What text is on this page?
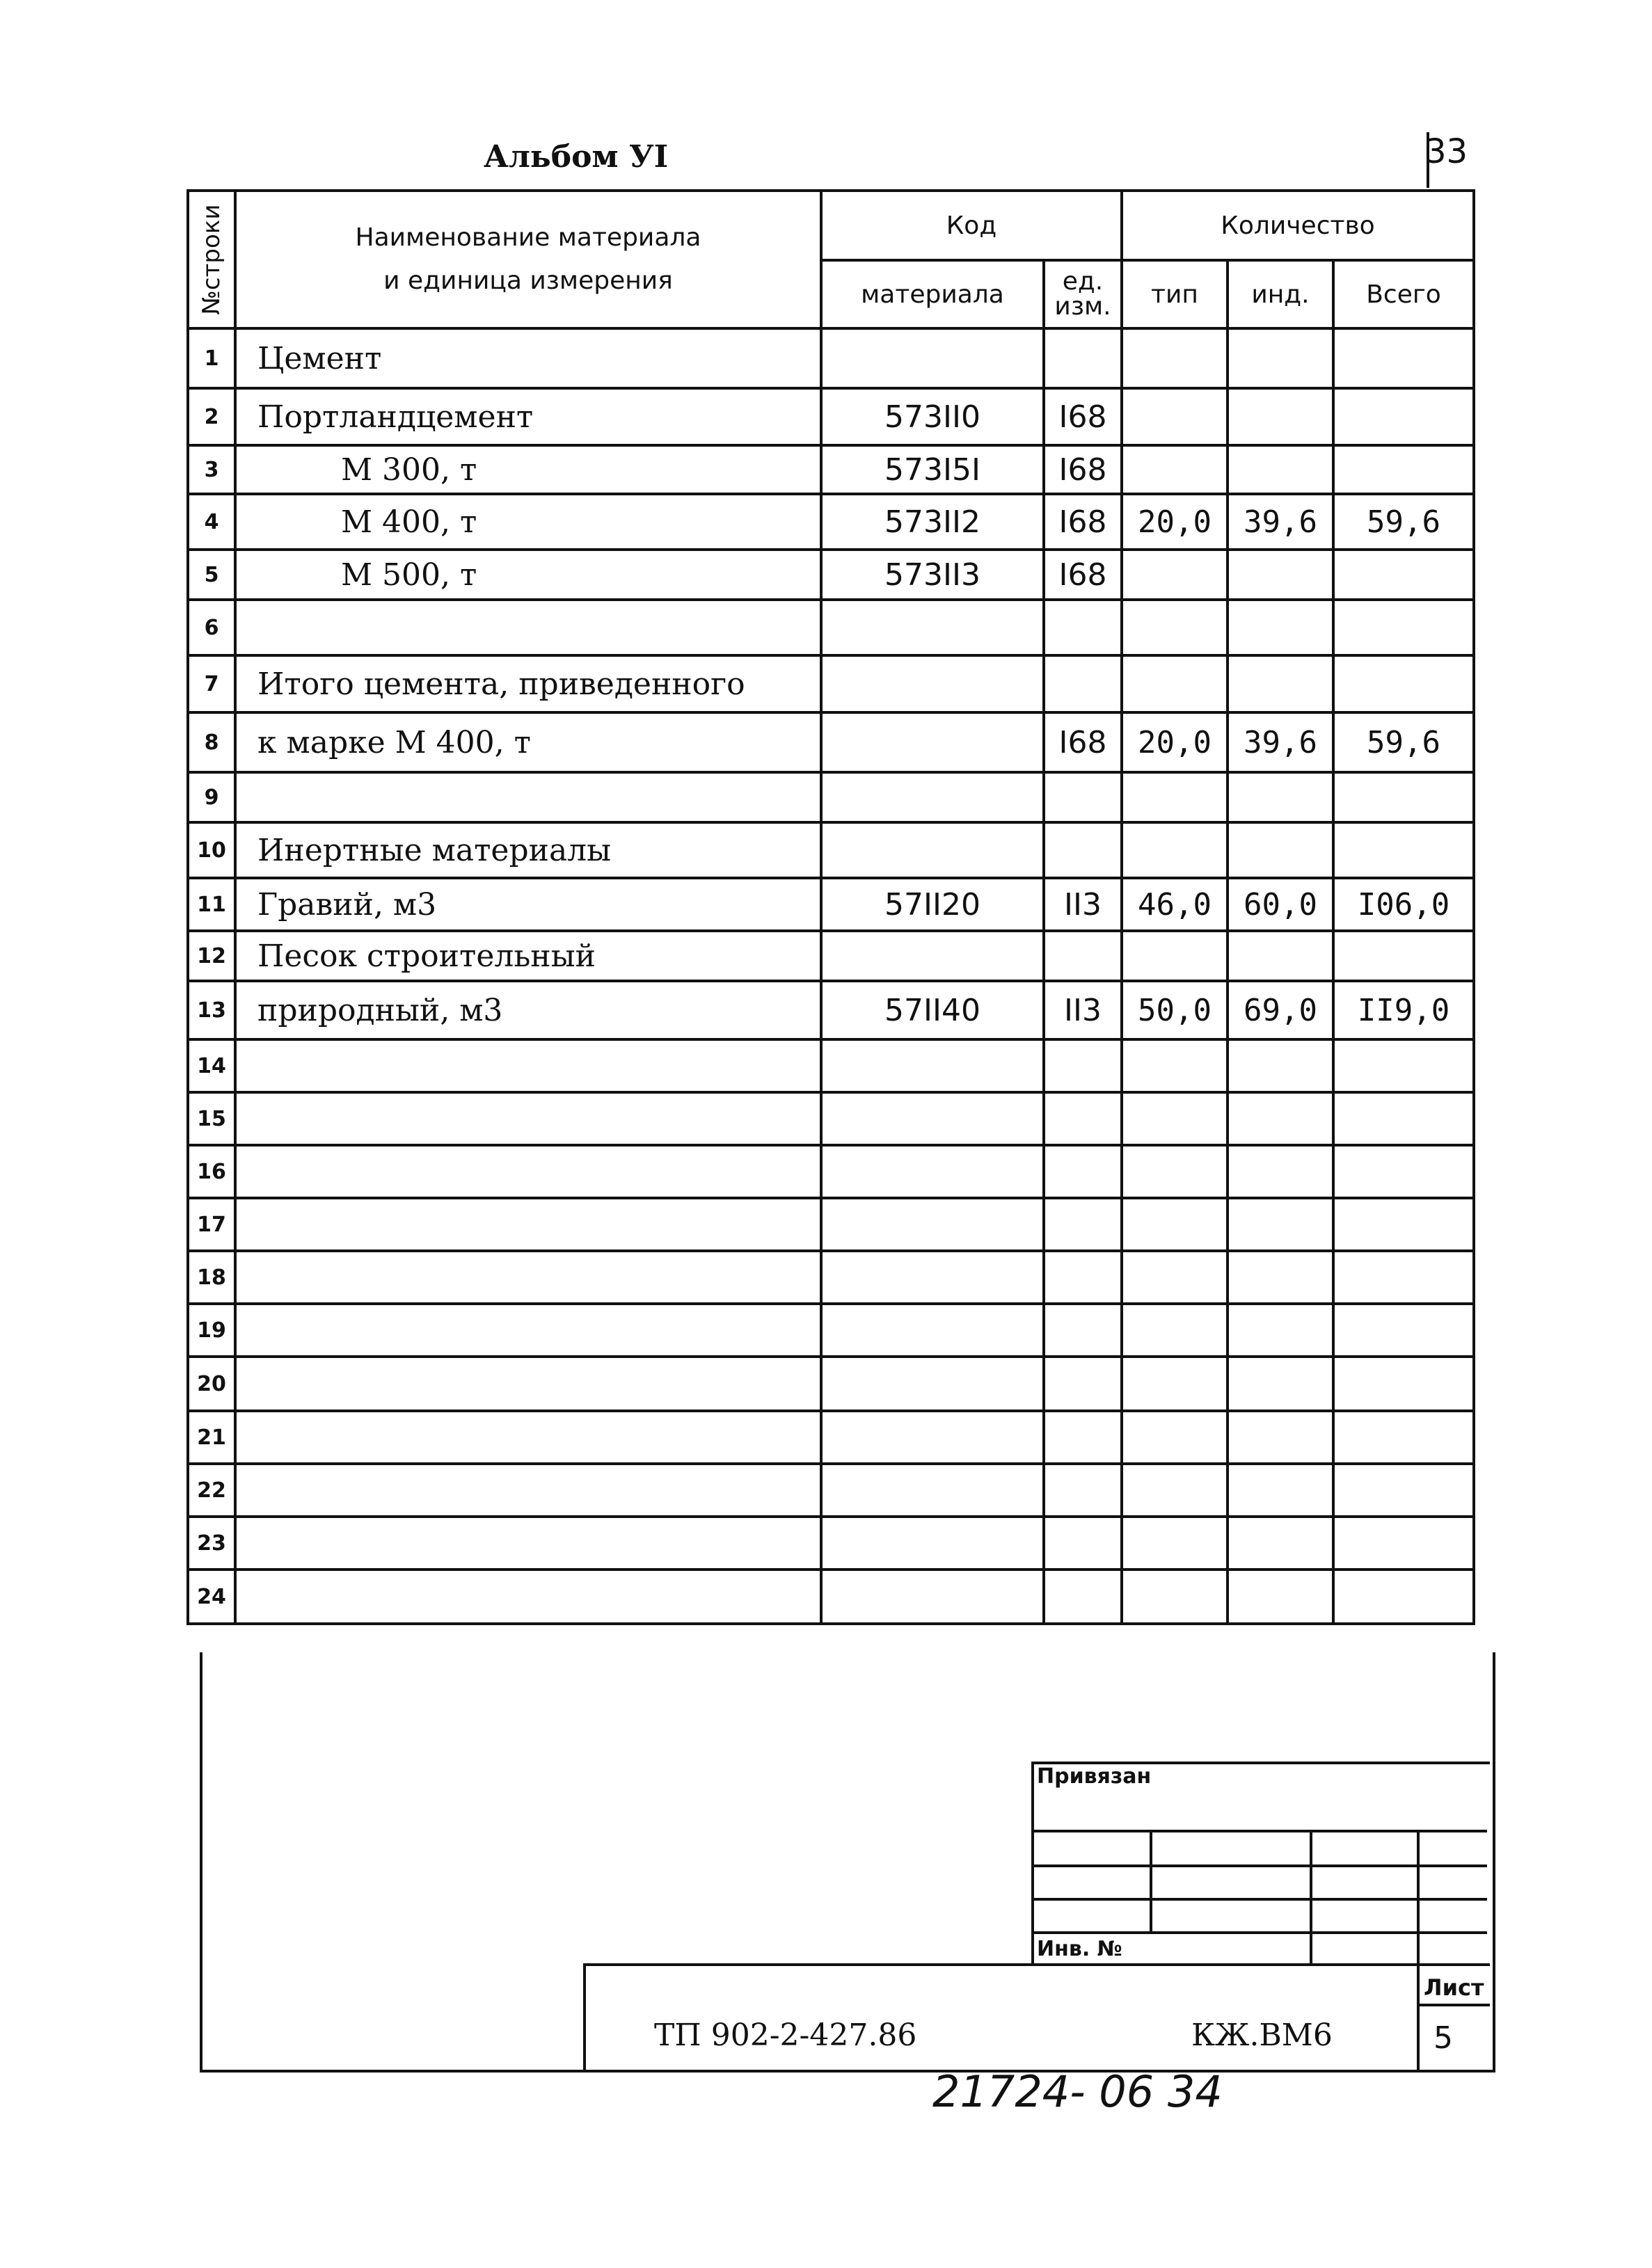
Альбом УI	33
№строки	Наименование материала
и единица измерения	Код		Количество		
		материала	ед. изм.	тип	инд.	Всего
1	Цемент					
2	Портландцемент	573II0	I68			
3	М 300, т	573I5I	I68			
4	М 400, т	573II2	I68	20,0	39,6	59,6
5	М 500, т	573II3	I68			
6						
7	Итого цемента, приведенного					
8	к марке М 400, т		I68	20,0	39,6	59,6
9						
10	Инертные материалы					
11	Гравий, м3	57II20	II3	46,0	60,0	I06,0
12	Песок строительный					
13	природный, м3	57II40	II3	50,0	69,0	II9,0
14						
15						
16						
17						
18						
19						
20						
21						
22						
23						
24						
Привязан
Инв. №
ТП 902-2-427.86	КЖ.ВМ6
Лист
5
21724- 06 34
